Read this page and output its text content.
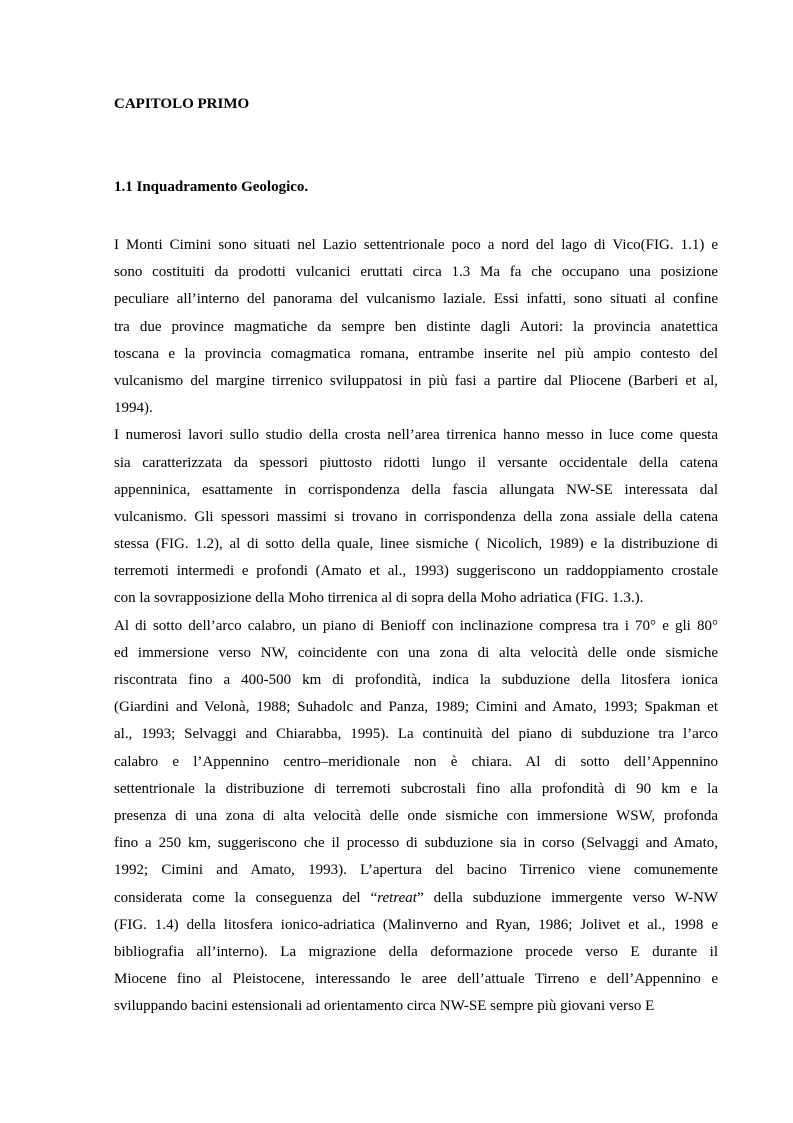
CAPITOLO PRIMO
1.1 Inquadramento Geologico.
I Monti Cimini sono situati nel Lazio settentrionale poco a nord del lago di Vico(FIG. 1.1) e
sono costituiti da prodotti vulcanici eruttati circa 1.3 Ma fa che occupano una posizione
peculiare all’interno del panorama del vulcanismo laziale. Essi infatti, sono situati al confine
tra due province magmatiche da sempre ben distinte dagli Autori: la provincia anatettica
toscana e la provincia comagmatica romana, entrambe inserite nel più ampio contesto del
vulcanismo del margine tirrenico sviluppatosi in più fasi a partire dal Pliocene (Barberi et al,
1994).
I numerosi lavori sullo studio della crosta nell’area tirrenica hanno messo in luce come questa
sia caratterizzata da spessori piuttosto ridotti lungo il versante occidentale della catena
appenninica, esattamente in corrispondenza della fascia allungata NW-SE interessata dal
vulcanismo. Gli spessori massimi si trovano in corrispondenza della zona assiale della catena
stessa (FIG. 1.2), al di sotto della quale, linee sismiche ( Nicolich, 1989) e la distribuzione di
terremoti intermedi e profondi (Amato et al., 1993) suggeriscono un raddoppiamento crostale
con la sovrapposizione della Moho tirrenica al di sopra della Moho adriatica (FIG. 1.3.).
Al di sotto dell’arco calabro, un piano di Benioff con inclinazione compresa tra i 70° e gli 80°
ed immersione verso NW, coincidente con una zona di alta velocità delle onde sismiche
riscontrata fino a 400-500 km di profondità, indica la subduzione della litosfera ionica
(Giardini and Velonà, 1988; Suhadolc and Panza, 1989; Cimini and Amato, 1993; Spakman et
al., 1993; Selvaggi and Chiarabba, 1995). La continuità del piano di subduzione tra l’arco
calabro e l’Appennino centro–meridionale non è chiara. Al di sotto dell’Appennino
settentrionale la distribuzione di terremoti subcrostali fino alla profondità di 90 km e la
presenza di una zona di alta velocità delle onde sismiche con immersione WSW, profonda
fino a 250 km, suggeriscono che il processo di subduzione sia in corso (Selvaggi and Amato,
1992; Cimini and Amato, 1993). L’apertura del bacino Tirrenico viene comunemente
considerata come la conseguenza del “retreat” della subduzione immergente verso W-NW
(FIG. 1.4) della litosfera ionico-adriatica (Malinverno and Ryan, 1986; Jolivet et al., 1998 e
bibliografia all’interno). La migrazione della deformazione procede verso E durante il
Miocene fino al Pleistocene, interessando le aree dell’attuale Tirreno e dell’Appennino e
sviluppando bacini estensionali ad orientamento circa NW-SE sempre più giovani verso E
